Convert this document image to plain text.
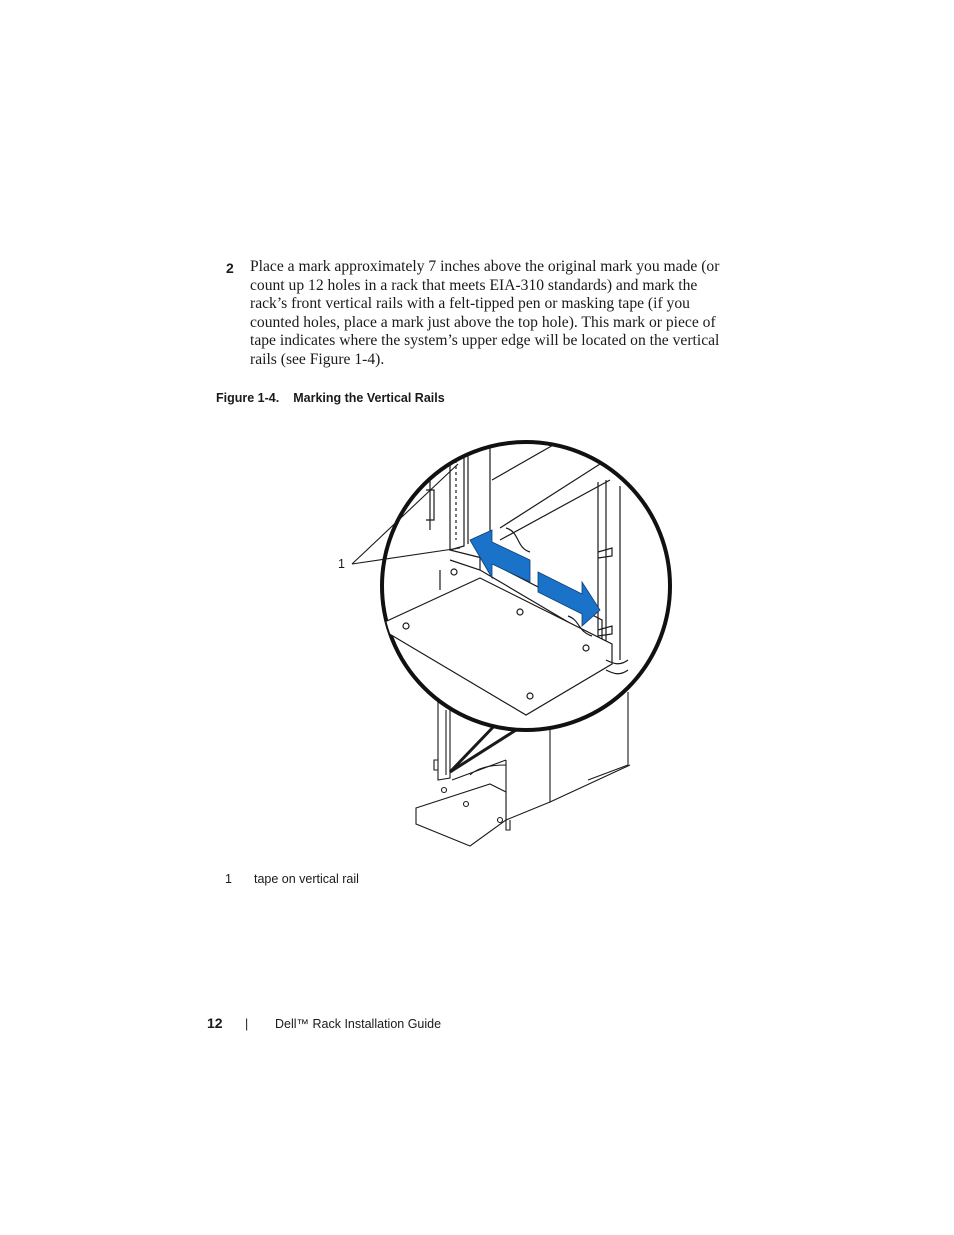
2 Place a mark approximately 7 inches above the original mark you made (or count up 12 holes in a rack that meets EIA-310 standards) and mark the rack’s front vertical rails with a felt-tipped pen or masking tape (if you counted holes, place a mark just above the top hole). This mark or piece of tape indicates where the system’s upper edge will be located on the vertical rails (see Figure 1-4).

Figure 1-4. Marking the Vertical Rails
1
1 tape on vertical rail
12 | Dell™ Rack Installation Guide
